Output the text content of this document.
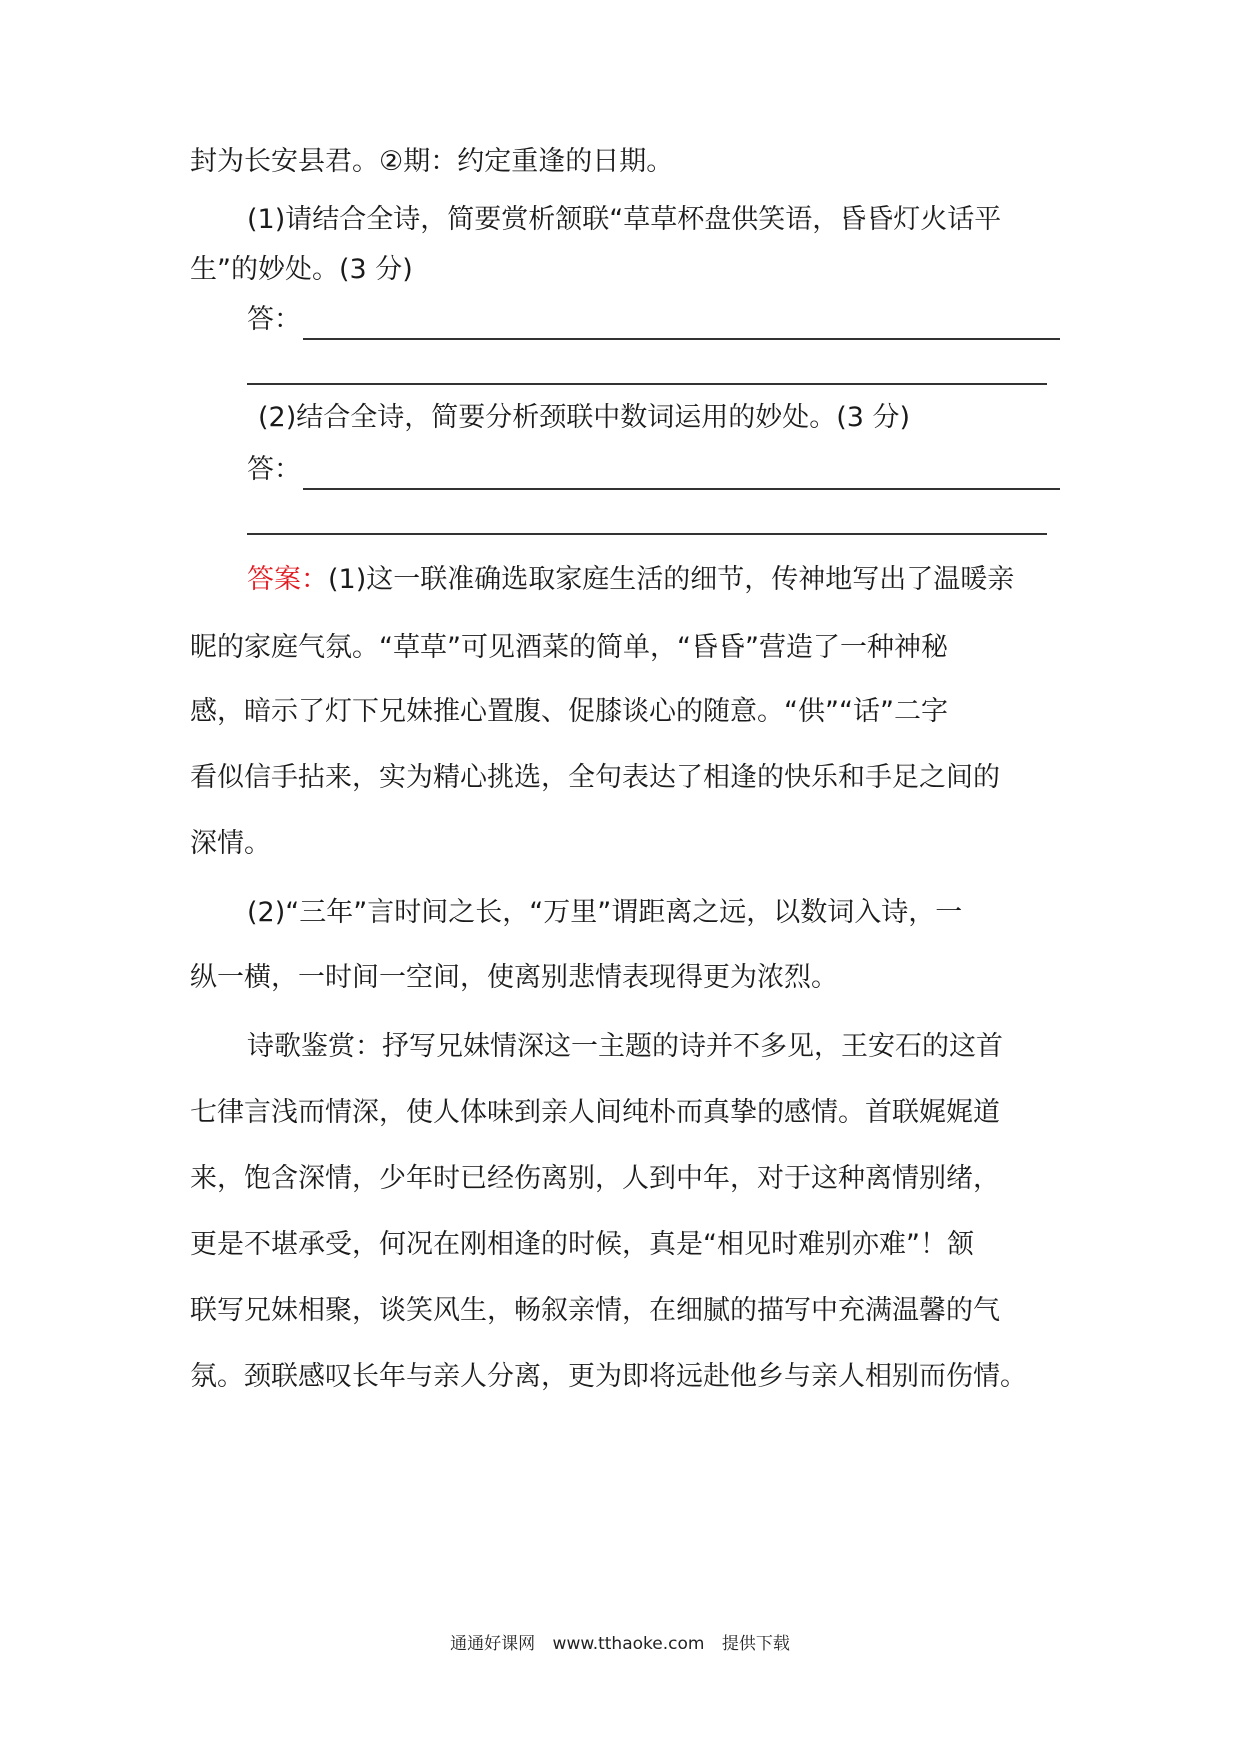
封为长安县君。②期：约定重逢的日期。
(1)请结合全诗，简要赏析颔联“草草杯盘供笑语，昏昏灯火话平
生”的妙处。(3 分)
答：
(2)结合全诗，简要分析颈联中数词运用的妙处。(3 分)
答：
答案：(1)这一联准确选取家庭生活的细节，传神地写出了温暖亲
昵的家庭气氛。“草草”可见酒菜的简单，“昏昏”营造了一种神秘
感，暗示了灯下兄妹推心置腹、促膝谈心的随意。“供”“话”二字
看似信手拈来，实为精心挑选，全句表达了相逢的快乐和手足之间的
深情。
(2)“三年”言时间之长，“万里”谓距离之远，以数词入诗，一
纵一横，一时间一空间，使离别悲情表现得更为浓烈。
诗歌鉴赏：抒写兄妹情深这一主题的诗并不多见，王安石的这首
七律言浅而情深，使人体味到亲人间纯朴而真挚的感情。首联娓娓道
来，饱含深情，少年时已经伤离别，人到中年，对于这种离情别绪，
更是不堪承受，何况在刚相逢的时候，真是“相见时难别亦难”！颔
联写兄妹相聚，谈笑风生，畅叙亲情，在细腻的描写中充满温馨的气
氛。颈联感叹长年与亲人分离，更为即将远赴他乡与亲人相别而伤情。
通通好课网 www.tthaoke.com 提供下载
